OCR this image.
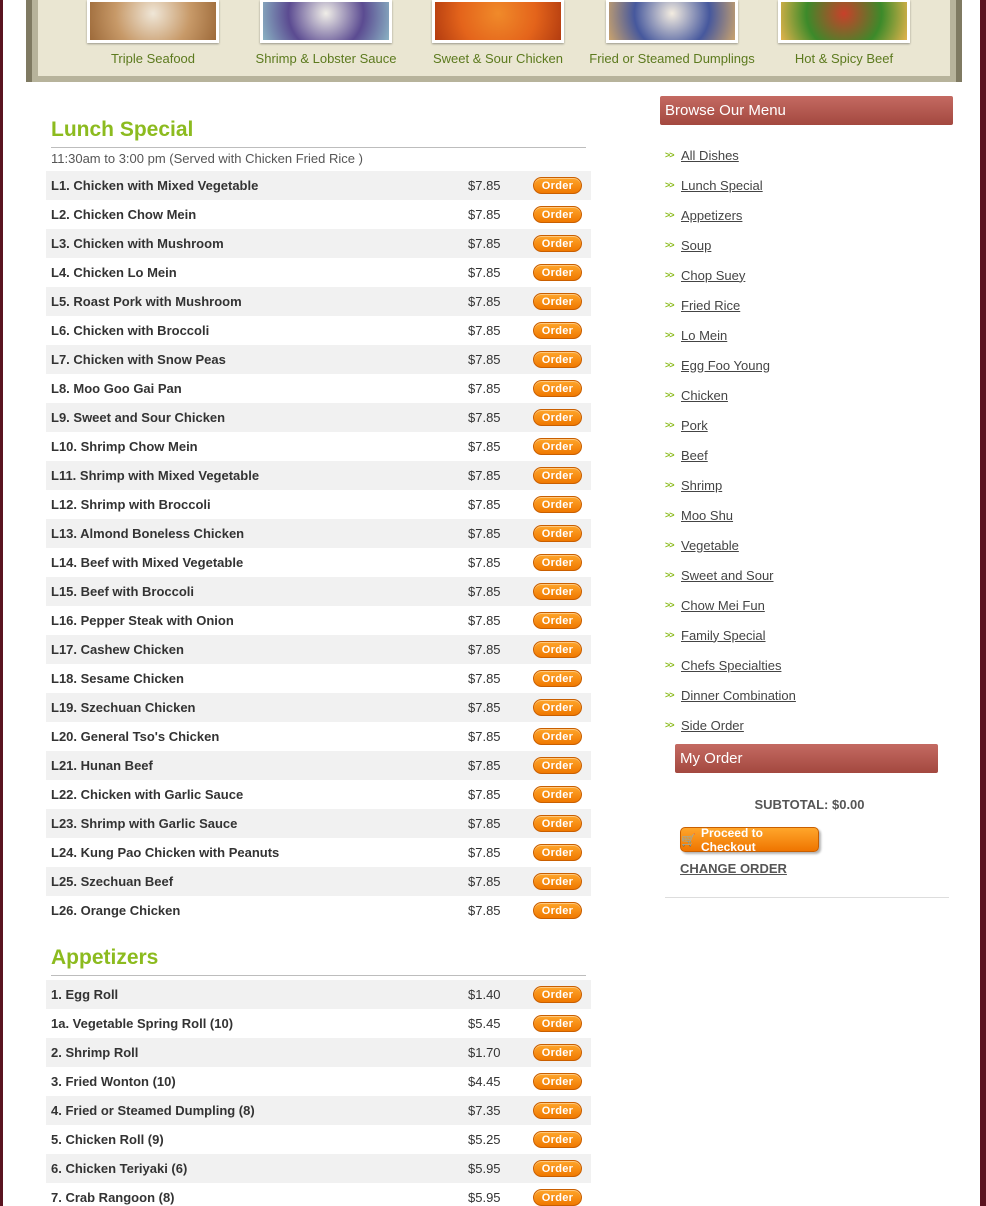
Triple Seafood	Shrimp & Lobster Sauce	Sweet & Sour Chicken	Fried or Steamed Dumplings	Hot & Spicy Beef
Lunch Special
11:30am to 3:00 pm (Served with Chicken Fried Rice )
L1. Chicken with Mixed Vegetable	$7.85	Order
L2. Chicken Chow Mein	$7.85	Order
L3. Chicken with Mushroom	$7.85	Order
L4. Chicken Lo Mein	$7.85	Order
L5. Roast Pork with Mushroom	$7.85	Order
L6. Chicken with Broccoli	$7.85	Order
L7. Chicken with Snow Peas	$7.85	Order
L8. Moo Goo Gai Pan	$7.85	Order
L9. Sweet and Sour Chicken	$7.85	Order
L10. Shrimp Chow Mein	$7.85	Order
L11. Shrimp with Mixed Vegetable	$7.85	Order
L12. Shrimp with Broccoli	$7.85	Order
L13. Almond Boneless Chicken	$7.85	Order
L14. Beef with Mixed Vegetable	$7.85	Order
L15. Beef with Broccoli	$7.85	Order
L16. Pepper Steak with Onion	$7.85	Order
L17. Cashew Chicken	$7.85	Order
L18. Sesame Chicken	$7.85	Order
L19. Szechuan Chicken	$7.85	Order
L20. General Tso's Chicken	$7.85	Order
L21. Hunan Beef	$7.85	Order
L22. Chicken with Garlic Sauce	$7.85	Order
L23. Shrimp with Garlic Sauce	$7.85	Order
L24. Kung Pao Chicken with Peanuts	$7.85	Order
L25. Szechuan Beef	$7.85	Order
L26. Orange Chicken	$7.85	Order
Appetizers
1. Egg Roll	$1.40	Order
1a. Vegetable Spring Roll (10)	$5.45	Order
2. Shrimp Roll	$1.70	Order
3. Fried Wonton (10)	$4.45	Order
4. Fried or Steamed Dumpling (8)	$7.35	Order
5. Chicken Roll (9)	$5.25	Order
6. Chicken Teriyaki (6)	$5.95	Order
7. Crab Rangoon (8)	$5.95	Order
Browse Our Menu
>> All Dishes
>> Lunch Special
>> Appetizers
>> Soup
>> Chop Suey
>> Fried Rice
>> Lo Mein
>> Egg Foo Young
>> Chicken
>> Pork
>> Beef
>> Shrimp
>> Moo Shu
>> Vegetable
>> Sweet and Sour
>> Chow Mei Fun
>> Family Special
>> Chefs Specialties
>> Dinner Combination
>> Side Order
My Order
SUBTOTAL: $0.00
🛒 Proceed to Checkout
CHANGE ORDER
